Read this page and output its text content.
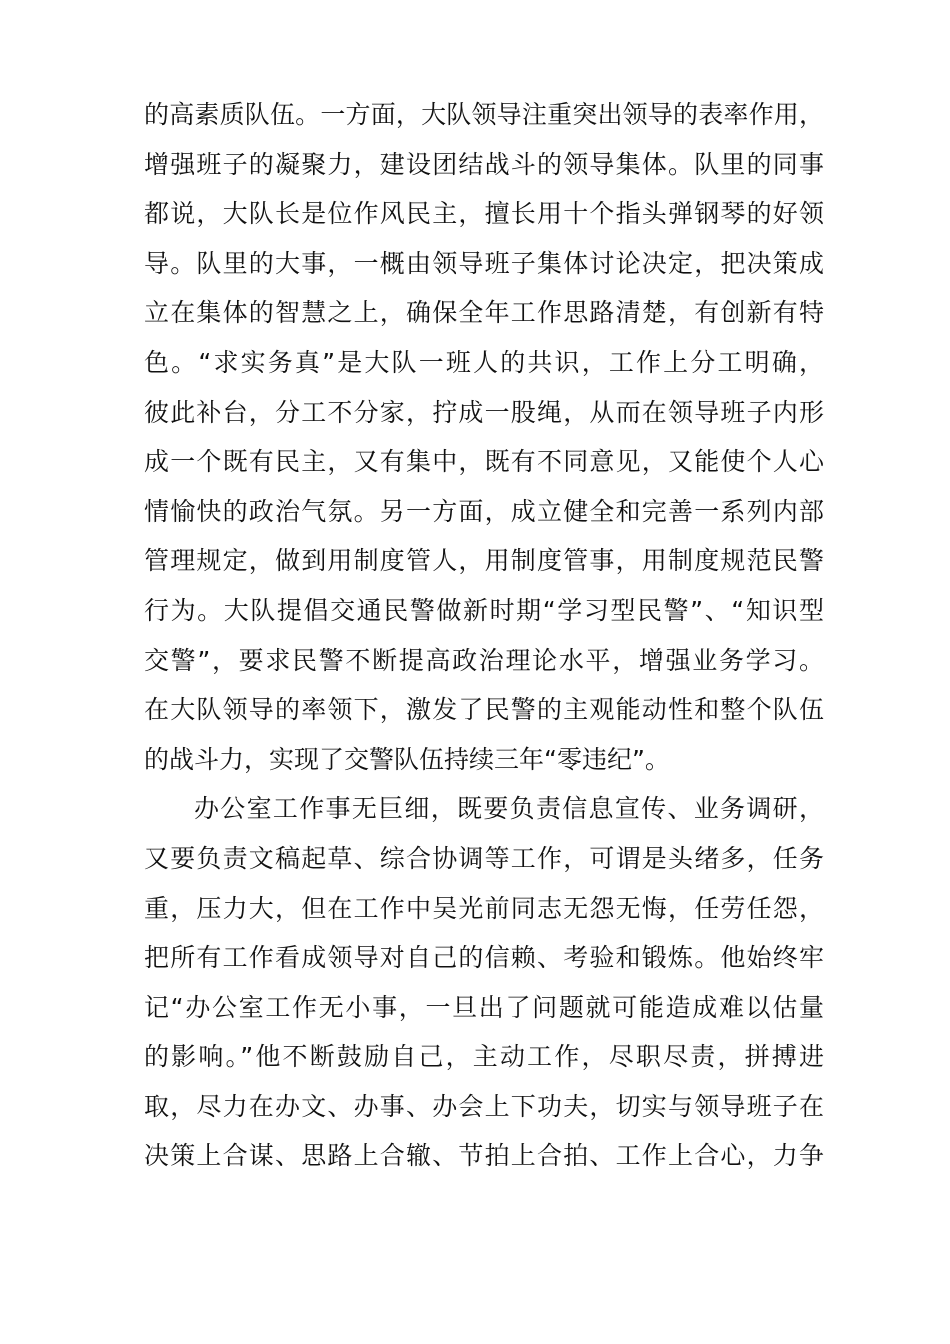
的高素质队伍。一方面，大队领导注重突出领导的表率作用，
增强班子的凝聚力，建设团结战斗的领导集体。队里的同事
都说，大队长是位作风民主，擅长用十个指头弹钢琴的好领
导。队里的大事，一概由领导班子集体讨论决定，把决策成
立在集体的智慧之上，确保全年工作思路清楚，有创新有特
色。“求实务真”是大队一班人的共识，工作上分工明确，
彼此补台，分工不分家，拧成一股绳，从而在领导班子内形
成一个既有民主，又有集中，既有不同意见，又能使个人心
情愉快的政治气氛。另一方面，成立健全和完善一系列内部
管理规定，做到用制度管人，用制度管事，用制度规范民警
行为。大队提倡交通民警做新时期“学习型民警”、“知识型
交警”，要求民警不断提高政治理论水平，增强业务学习。
在大队领导的率领下，激发了民警的主观能动性和整个队伍
的战斗力，实现了交警队伍持续三年“零违纪”。
办公室工作事无巨细，既要负责信息宣传、业务调研，
又要负责文稿起草、综合协调等工作，可谓是头绪多，任务
重，压力大，但在工作中吴光前同志无怨无悔，任劳任怨，
把所有工作看成领导对自己的信赖、考验和锻炼。他始终牢
记“办公室工作无小事，一旦出了问题就可能造成难以估量
的影响。”他不断鼓励自己，主动工作，尽职尽责，拼搏进
取，尽力在办文、办事、办会上下功夫，切实与领导班子在
决策上合谋、思路上合辙、节拍上合拍、工作上合心，力争
